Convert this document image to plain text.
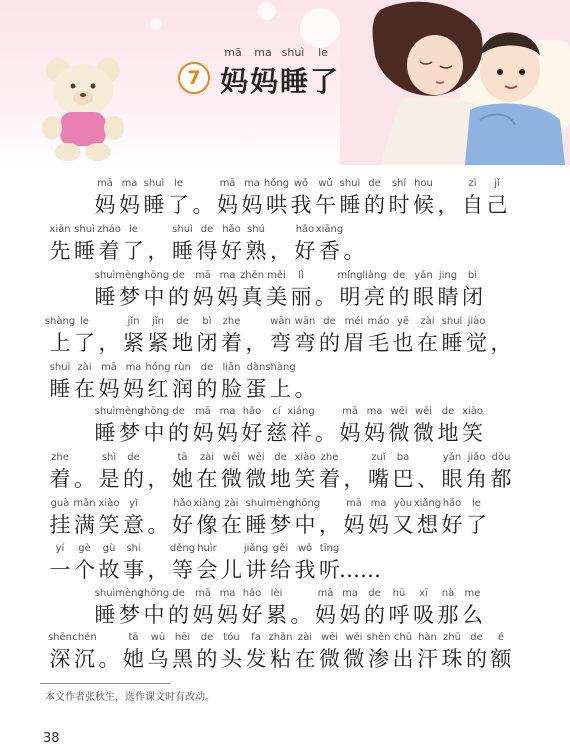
7
mā	ma shuì	le
妈 妈 睡 了
mā
妈
ma
妈
shuì
睡
le
了 。
mā
妈
ma
妈
hǒng
哄
wǒ
我
wǔ
午
shuì
睡
de
的
shí
时
hou
候 ，
zì
自
jǐ
己
xiān
先
shuì
睡
zháo
着
le
了 ，
shuì
睡
de
得
hǎo
好
shú
熟 ，
hǎo
好
xiāng
香 。
shuì
睡
mèng
梦
zhōng
中
de
的
mā
妈
ma
妈
zhēn
真
měi
美
lì
丽 。
míng
明
liàng
亮
de
的
yǎn
眼
jing
睛
bì
闭
shàng
上
le
了 ，
jǐn
紧
jǐn
紧
de
地
bì
闭
zhe
着 ，
wān
弯
wān
弯
de
的
méi
眉
máo
毛
yě
也
zài
在
shuì
睡
jiào
觉 ，
shuì
睡
zài
在
mā
妈
ma
妈
hóng
红
rùn
润
de
的
liǎn
脸
dàn
蛋
shàng
上 。
shuì
睡
mèng
梦
zhōng
中
de
的
mā
妈
ma
妈
hǎo
好
cí
慈
xiáng
祥 。
mā
妈
ma
妈
wēi
微
wēi
微
de
地
xiào
笑
zhe
着 。
shì
是
de
的 ，
tā
她
zài
在
wēi
微
wēi
微
de
地
xiào
笑
zhe
着 ，
zuǐ
嘴
ba
巴 、
yǎn
眼
jiǎo
角
dōu
都
guà
挂
mǎn
满
xiào
笑
yì
意 。
hǎo
好
xiàng
像
zài
在
shuì
睡
mèng
梦
zhōng
中 ，
mā
妈
ma
妈
yòu
又
xiǎng
想
hǎo
好
le
了
yí
一
gè
个
gù
故
shi
事 ，
děng
等
huìr
会 儿
jiǎng
讲
gěi
给
wǒ
我
tīng
听 ……
shuì
睡
mèng
梦
zhōng
中
de
的
mā
妈
ma
妈
hǎo
好
lèi
累 。
mā
妈
ma
妈
de
的
hū
呼
xī
吸
nà
那
me
么
shēn
深
chén
沉 。
tā
她
wū
乌
hēi
黑
de
的
tóu
头
fa
发
zhān
粘
zài
在
wēi
微
wēi
微
shèn
渗
chū
出
hàn
汗
zhū
珠
de
的
é
额
本文作者张秋生，选作课文时有改动。
38
